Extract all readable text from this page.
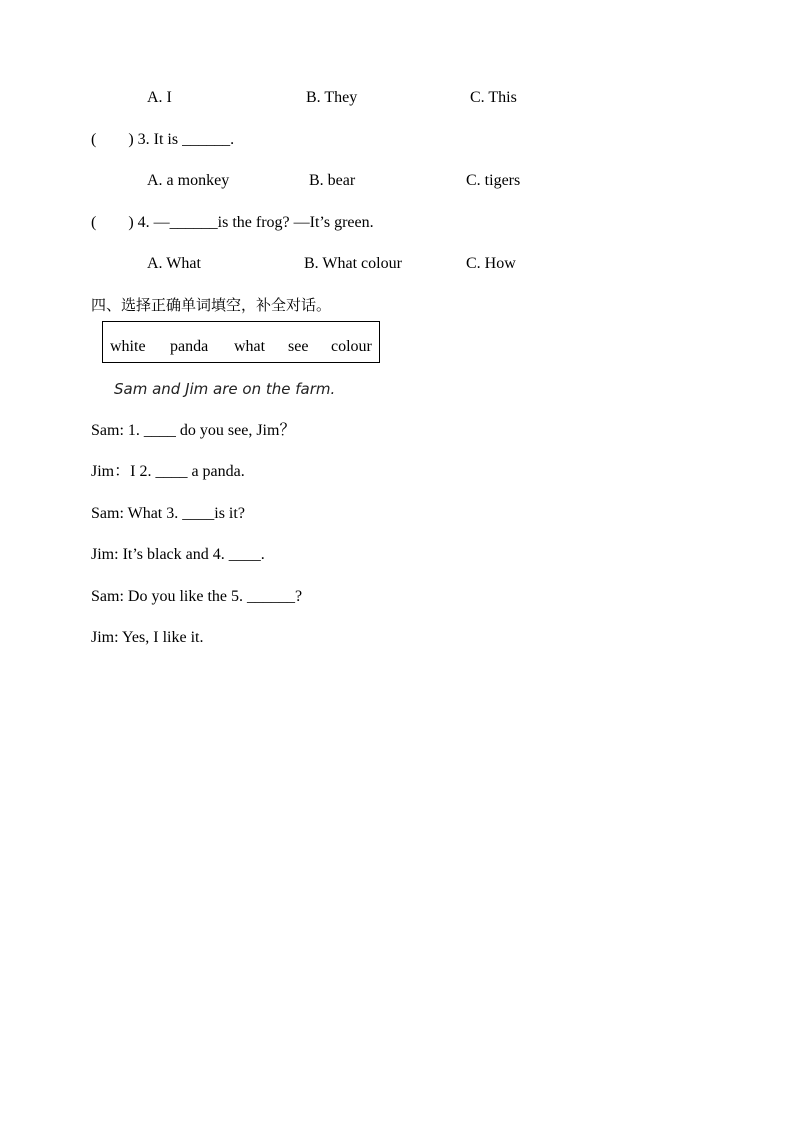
A. I	B. They	C. This
(        ) 3. It is ______.
A. a monkey	B. bear	C. tigers
(        ) 4. —______is the frog? —It’s green.
A. What	B. What colour	C. How
四、选择正确单词填空，补全对话。
white panda what see colour
Sam and Jim are on the farm.
Sam: 1. ____ do you see, Jim？
Jim：I 2. ____ a panda.
Sam: What 3. ____is it?
Jim: It’s black and 4. ____.
Sam: Do you like the 5. ______?
Jim: Yes, I like it.
